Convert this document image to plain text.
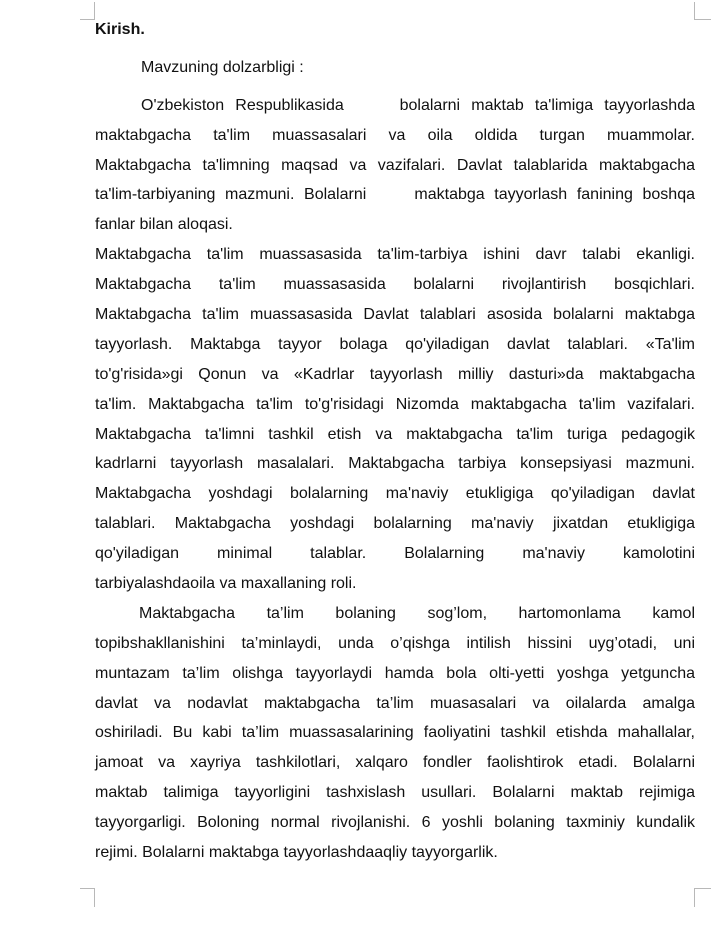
Kirish.
Mavzuning dolzarbligi :
O'zbekiston Respublikasida     bolalarni maktab ta'limiga tayyorlashda
maktabgacha ta'lim muassasalari va oila oldida turgan muammolar.
Maktabgacha ta'limning maqsad va vazifalari. Davlat talablarida maktabgacha
ta'lim-tarbiyaning mazmuni. Bolalarni     maktabga tayyorlash fanining boshqa
fanlar bilan aloqasi.
Maktabgacha ta'lim muassasasida ta'lim-tarbiya ishini davr talabi ekanligi.
Maktabgacha ta'lim muassasasida bolalarni rivojlantirish bosqichlari.
Maktabgacha ta'lim muassasasida Davlat talablari asosida bolalarni maktabga
tayyorlash. Maktabga tayyor bolaga qo'yiladigan davlat talablari. «Ta'lim
to'g'risida»gi Qonun va «Kadrlar tayyorlash milliy dasturi»da maktabgacha
ta'lim. Maktabgacha ta'lim to'g'risidagi Nizomda maktabgacha ta'lim vazifalari.
Maktabgacha ta'limni tashkil etish va maktabgacha ta'lim turiga pedagogik
kadrlarni tayyorlash masalalari. Maktabgacha tarbiya konsepsiyasi mazmuni.
Maktabgacha yoshdagi bolalarning ma'naviy etukligiga qo'yiladigan davlat
talablari. Maktabgacha yoshdagi bolalarning ma'naviy jixatdan etukligiga
qo'yiladigan minimal talablar. Bolalarning ma'naviy kamolotini
tarbiyalashdaoila va maxallaning roli.
Maktabgacha ta’lim bolaning sog’lom, hartomonlama kamol
topibshakllanishini ta’minlaydi, unda o’qishga intilish hissini uyg’otadi, uni
muntazam ta’lim olishga tayyorlaydi hamda bola olti-yetti yoshga yetguncha
davlat va nodavlat maktabgacha ta’lim muasasalari va oilalarda amalga
oshiriladi. Bu kabi ta’lim muassasalarining faoliyatini tashkil etishda mahallalar,
jamoat va xayriya tashkilotlari, xalqaro fondler faolishtirok etadi. Bolalarni
maktab talimiga tayyorligini tashxislash usullari. Bolalarni maktab rejimiga
tayyorgarligi. Boloning normal rivojlanishi. 6 yoshli bolaning taxminiy kundalik
rejimi. Bolalarni maktabga tayyorlashdaaqliy tayyorgarlik.
